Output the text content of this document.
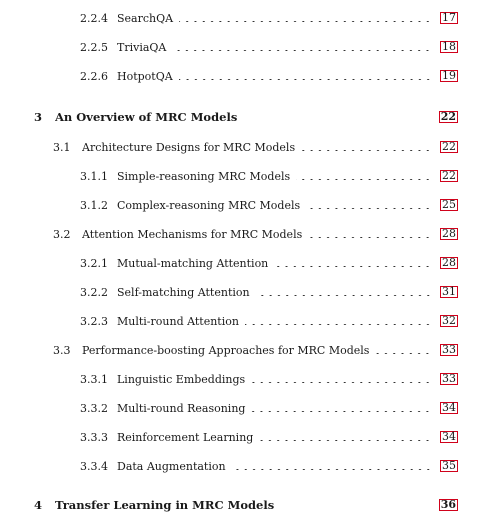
2.2.4 SearchQA	17
2.2.5 TriviaQA	18
2.2.6 HotpotQA	19
3 An Overview of MRC Models	22
3.1 Architecture Designs for MRC Models	22
3.1.1 Simple-reasoning MRC Models	22
3.1.2 Complex-reasoning MRC Models	25
3.2 Attention Mechanisms for MRC Models	28
3.2.1 Mutual-matching Attention	28
3.2.2 Self-matching Attention	31
3.2.3 Multi-round Attention	32
3.3 Performance-boosting Approaches for MRC Models	33
3.3.1 Linguistic Embeddings	33
3.3.2 Multi-round Reasoning	34
3.3.3 Reinforcement Learning	34
3.3.4 Data Augmentation	35
4 Transfer Learning in MRC Models	36
